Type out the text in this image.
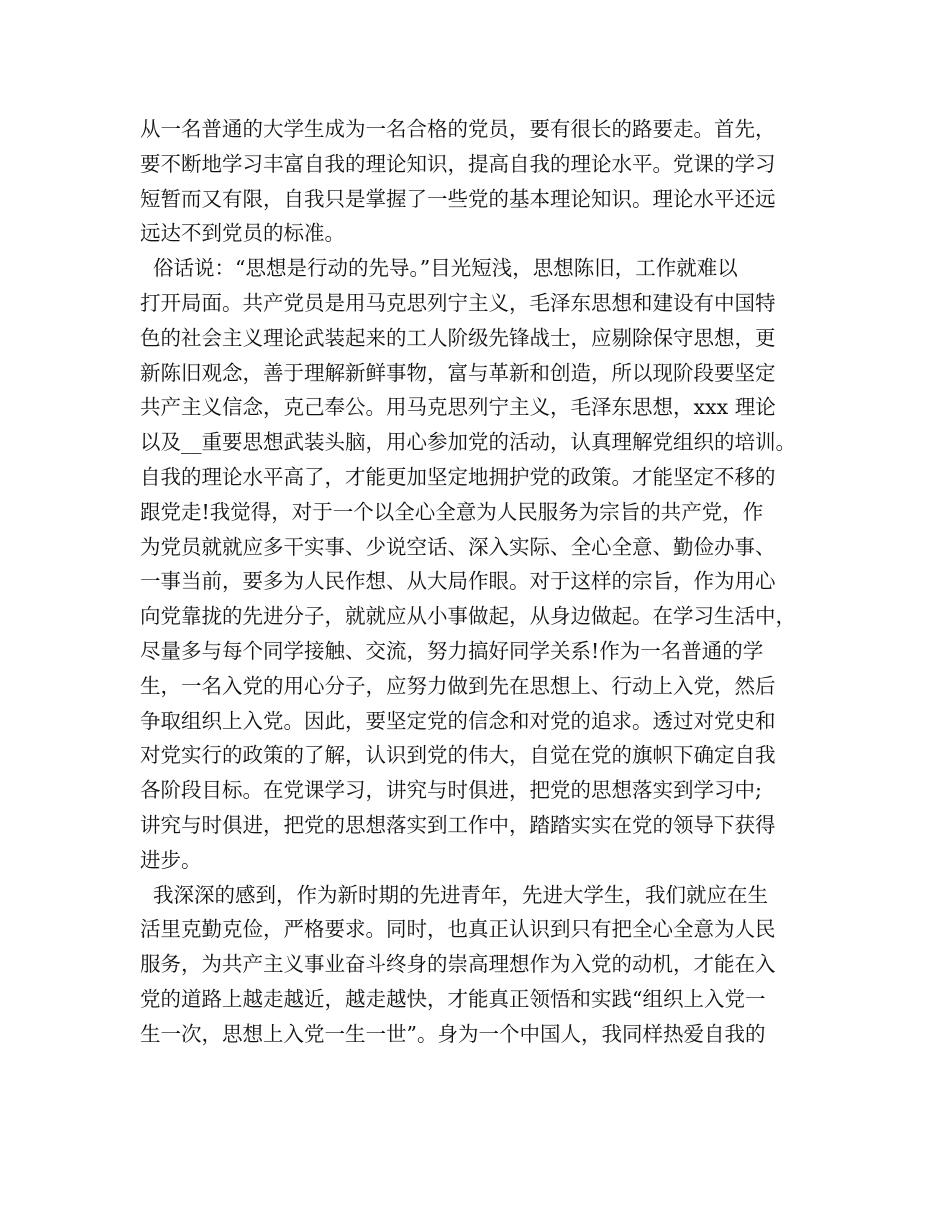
从一名普通的大学生成为一名合格的党员，要有很长的路要走。首先，
要不断地学习丰富自我的理论知识，提高自我的理论水平。党课的学习
短暂而又有限，自我只是掌握了一些党的基本理论知识。理论水平还远
远达不到党员的标准。
俗话说：“思想是行动的先导。”目光短浅，思想陈旧，工作就难以
打开局面。共产党员是用马克思列宁主义，毛泽东思想和建设有中国特
色的社会主义理论武装起来的工人阶级先锋战士，应剔除保守思想，更
新陈旧观念，善于理解新鲜事物，富与革新和创造，所以现阶段要坚定
共产主义信念，克己奉公。用马克思列宁主义，毛泽东思想，xxx 理论
以及__重要思想武装头脑，用心参加党的活动，认真理解党组织的培训。
自我的理论水平高了，才能更加坚定地拥护党的政策。才能坚定不移的
跟党走!我觉得，对于一个以全心全意为人民服务为宗旨的共产党，作
为党员就就应多干实事、少说空话、深入实际、全心全意、勤俭办事、
一事当前，要多为人民作想、从大局作眼。对于这样的宗旨，作为用心
向党靠拢的先进分子，就就应从小事做起，从身边做起。在学习生活中，
尽量多与每个同学接触、交流，努力搞好同学关系!作为一名普通的学
生，一名入党的用心分子，应努力做到先在思想上、行动上入党，然后
争取组织上入党。因此，要坚定党的信念和对党的追求。透过对党史和
对党实行的政策的了解，认识到党的伟大，自觉在党的旗帜下确定自我
各阶段目标。在党课学习，讲究与时俱进，把党的思想落实到学习中;
讲究与时俱进，把党的思想落实到工作中，踏踏实实在党的领导下获得
进步。
我深深的感到，作为新时期的先进青年，先进大学生，我们就应在生
活里克勤克俭，严格要求。同时，也真正认识到只有把全心全意为人民
服务，为共产主义事业奋斗终身的崇高理想作为入党的动机，才能在入
党的道路上越走越近，越走越快，才能真正领悟和实践“组织上入党一
生一次，思想上入党一生一世”。身为一个中国人，我同样热爱自我的
